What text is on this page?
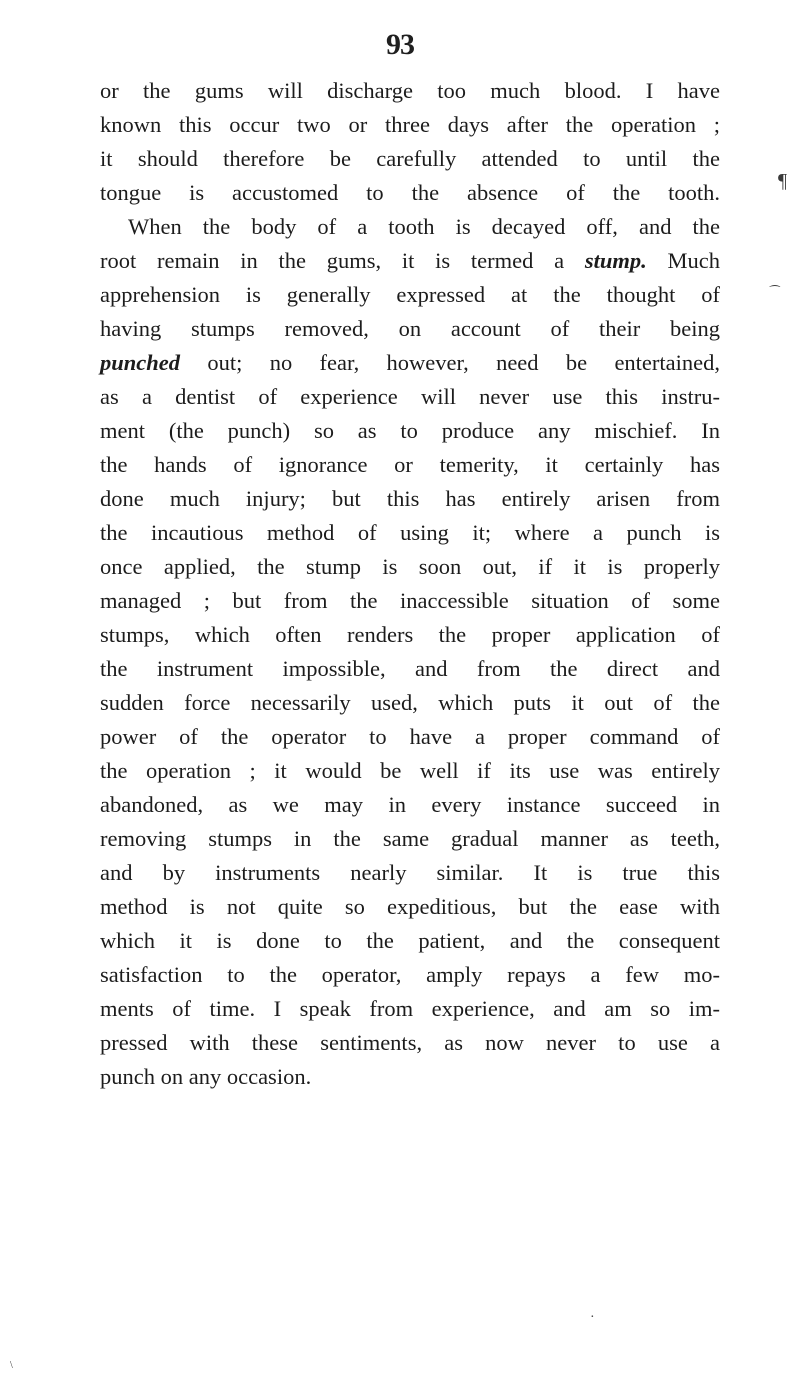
93
or the gums will discharge too much blood. I have
known this occur two or three days after the operation ;
it should therefore be carefully attended to until the
tongue is accustomed to the absence of the tooth.
When the body of a tooth is decayed off, and the
root remain in the gums, it is termed a stump. Much
apprehension is generally expressed at the thought of
having stumps removed, on account of their being
punched out; no fear, however, need be entertained,
as a dentist of experience will never use this instru-
ment (the punch) so as to produce any mischief. In
the hands of ignorance or temerity, it certainly has
done much injury; but this has entirely arisen from
the incautious method of using it; where a punch is
once applied, the stump is soon out, if it is properly
managed ; but from the inaccessible situation of some
stumps, which often renders the proper application of
the instrument impossible, and from the direct and
sudden force necessarily used, which puts it out of the
power of the operator to have a proper command of
the operation ; it would be well if its use was entirely
abandoned, as we may in every instance succeed in
removing stumps in the same gradual manner as teeth,
and by instruments nearly similar. It is true this
method is not quite so expeditious, but the ease with
which it is done to the patient, and the consequent
satisfaction to the operator, amply repays a few mo-
ments of time. I speak from experience, and am so im-
pressed with these sentiments, as now never to use a
punch on any occasion.
¶
⁀
·
\
